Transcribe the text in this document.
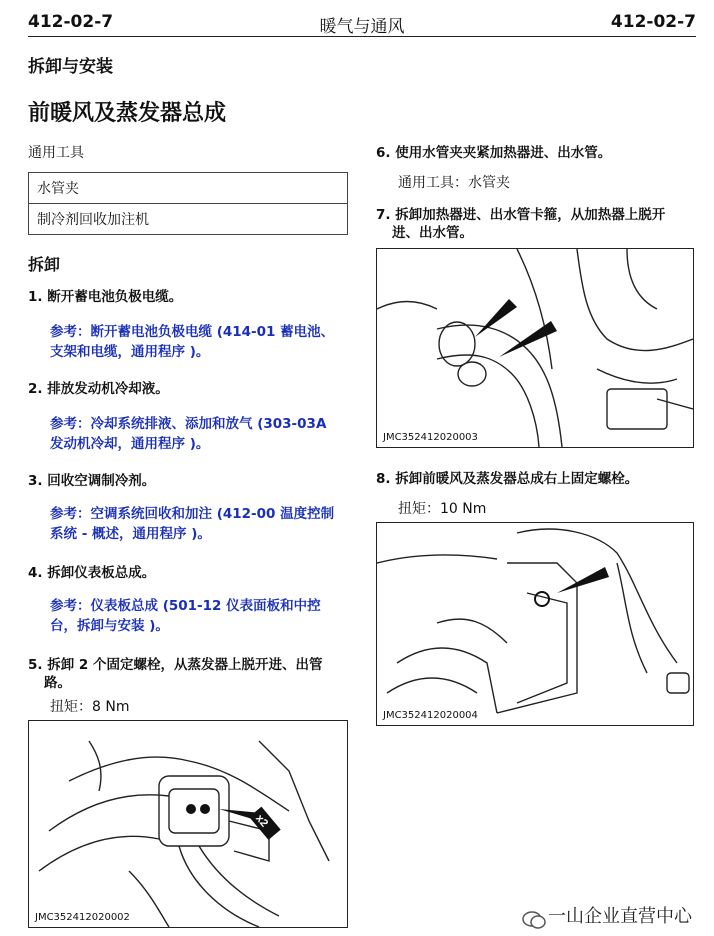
412-02-7	暖气与通风	412-02-7
拆卸与安装
前暖风及蒸发器总成
通用工具
水管夹
制冷剂回收加注机
拆卸
1. 断开蓄电池负极电缆。
参考：断开蓄电池负极电缆 (414-01 蓄电池、
支架和电缆，通用程序 )。
2. 排放发动机冷却液。
参考：冷却系统排液、添加和放气 (303-03A
发动机冷却，通用程序 )。
3. 回收空调制冷剂。
参考：空调系统回收和加注 (412-00 温度控制
系统 - 概述，通用程序 )。
4. 拆卸仪表板总成。
参考：仪表板总成 (501-12 仪表面板和中控
台，拆卸与安装 )。
5. 拆卸 2 个固定螺栓，从蒸发器上脱开进、出管
路。
扭矩：8 Nm
x2
JMC352412020002
6. 使用水管夹夹紧加热器进、出水管。
通用工具：水管夹
7. 拆卸加热器进、出水管卡箍，从加热器上脱开
进、出水管。
JMC352412020003
8. 拆卸前暖风及蒸发器总成右上固定螺栓。
扭矩：10 Nm
JMC352412020004
一山企业直营中心
